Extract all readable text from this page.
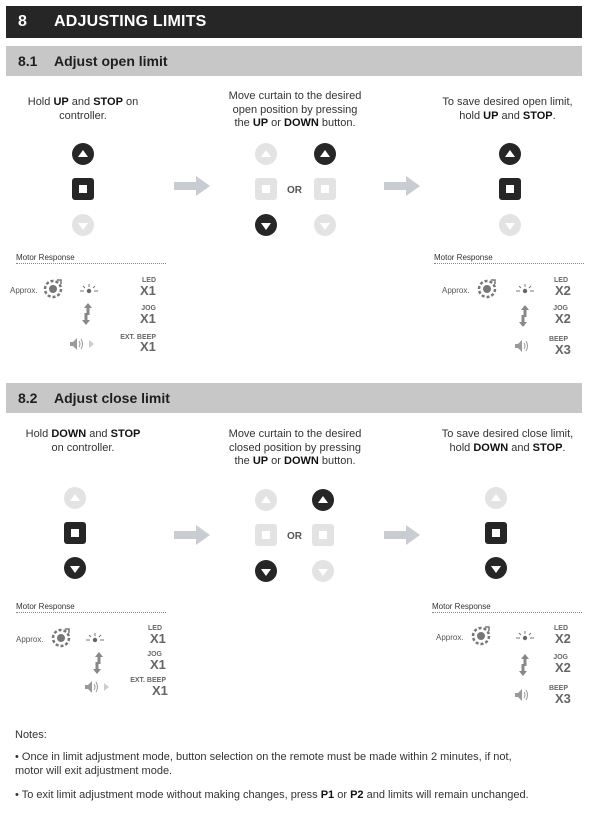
8	ADJUSTING LIMITS
8.1	Adjust open limit
Hold UP and STOP on controller.
Move curtain to the desired
open position by pressing
the UP or DOWN button.
To save desired open limit,
hold UP and STOP.
OR
Motor Response
Approx.
LED
X1
JOG
X1
EXT. BEEP
X1
Motor Response
Approx.
LED
X2
JOG
X2
BEEP
X3
8.2	Adjust close limit
Hold DOWN and STOP
on controller.
Move curtain to the desired
closed position by pressing
the UP or DOWN button.
To save desired close limit,
hold DOWN and STOP.
OR
Motor Response
Approx.
LED
X1
JOG
X1
EXT. BEEP
X1
Motor Response
Approx.
LED
X2
JOG
X2
BEEP
X3
Notes:
• Once in limit adjustment mode, button selection on the remote must be made within 2 minutes, if not,
motor will exit adjustment mode.
• To exit limit adjustment mode without making changes, press P1 or P2 and limits will remain unchanged.
